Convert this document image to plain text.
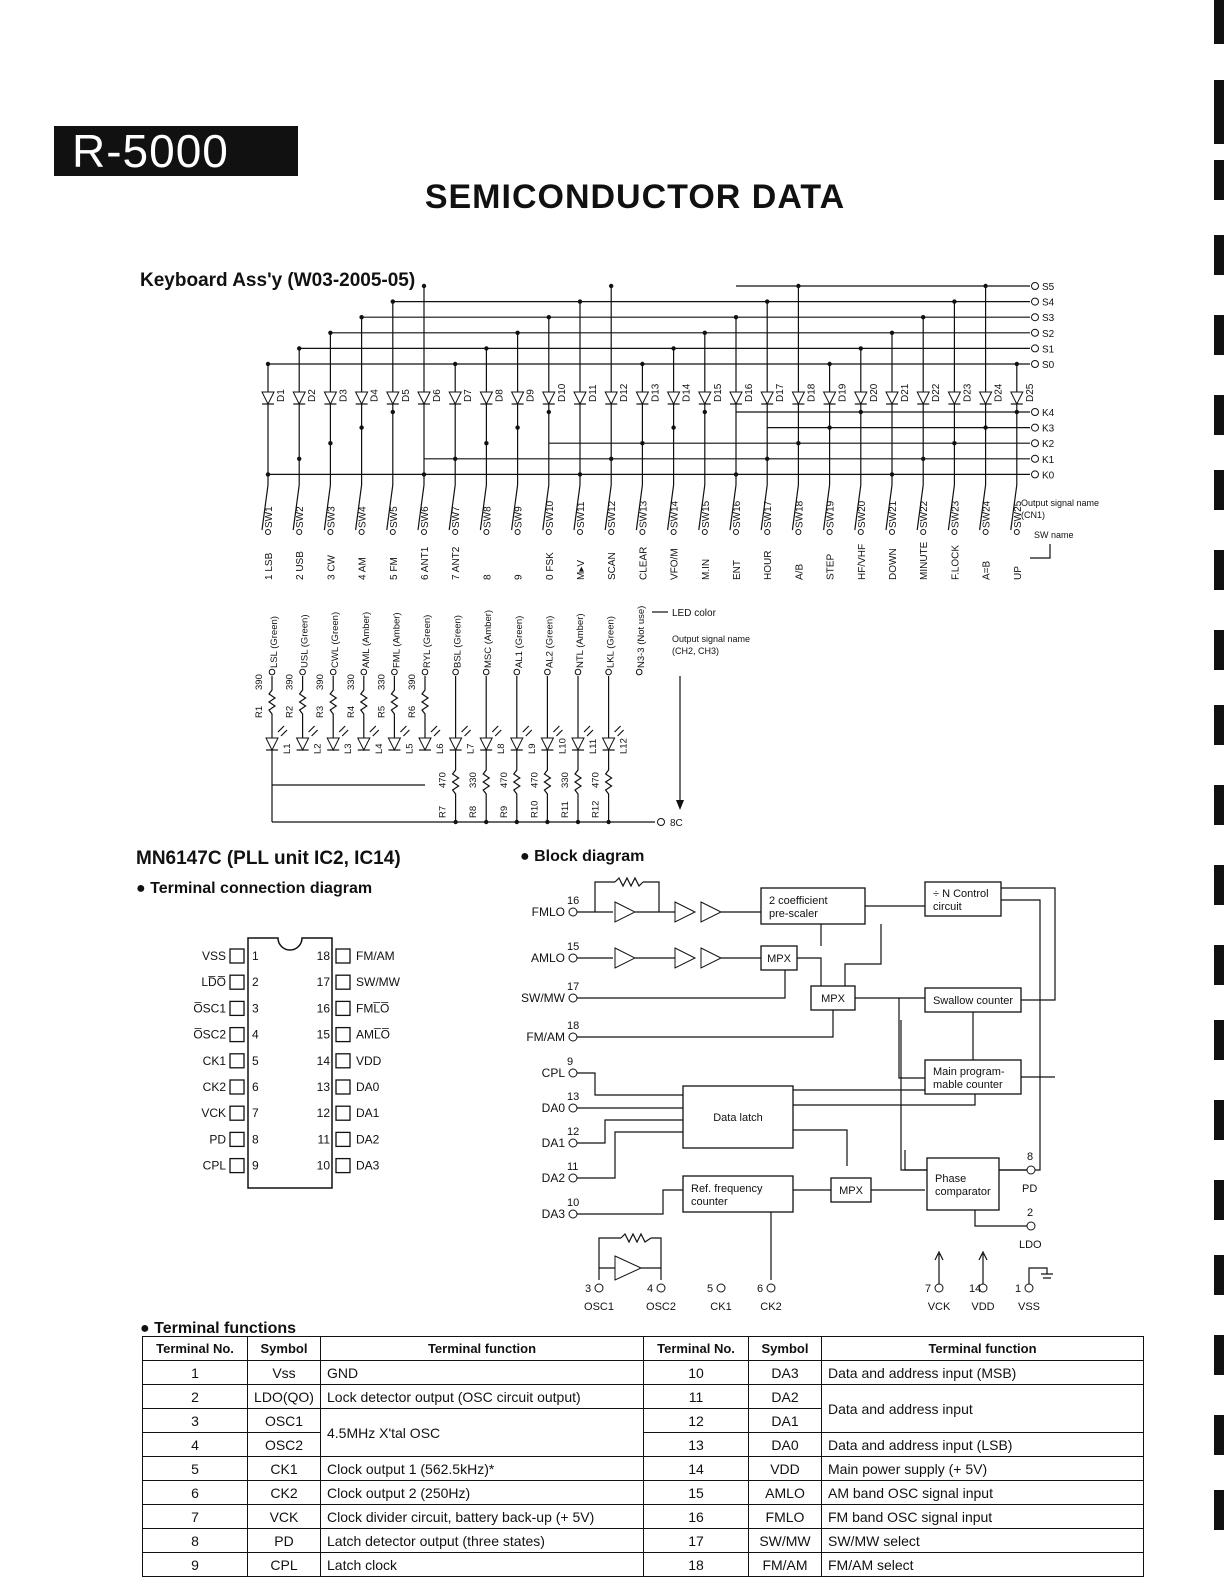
R-5000
SEMICONDUCTOR DATA
Keyboard Ass'y (W03-2005-05)	S5
S4
S3
S2
S1
S0
K4
K3
K2
K1
K0
D1
SW1
1 LSB
D2
SW2
2 USB
D3
SW3
3 CW
D4
SW4
4 AM
D5
SW5
5 FM
D6
SW6
6 ANT1
D7
SW7
7 ANT2
D8
SW8
8
D9
SW9
9
D10
SW10
0 FSK
D11
SW11
M▸V
D12
SW12
SCAN
D13
SW13
CLEAR
D14
SW14
VFO/M
D15
SW15
M.IN
D16
SW16
ENT
D17
SW17
HOUR
D18
SW18
A/B
D19
SW19
STEP
D20
SW20
HF/VHF
D21
SW21
DOWN
D22
SW22
MINUTE
D23
SW23
F.LOCK
D24
SW24
A=B
D25
SW25
UP
Output signal name
(CN1)
SW name
LSL (Green) USL (Green) CWL (Green) AML (Amber) FML (Amber) RYL (Green) BSL (Green) MSC (Amber) AL1 (Green) AL2 (Green) NTL (Amber) LKL (Green) N3-3 (Not use) LED color
Output signal name
(CH2, CH3)
R1
390
R2
390
R3
390
R4
330
R5
330
R6
390
L1 L2 L3 L4 L5 L6 L7 L8 L9 L10 L11 L12
R7
470
R8
330
R9
470
R10
470
R11
330
R12
470
8C
MN6147C (PLL unit IC2, IC14)
● Terminal connection diagram
● Block diagram
VSS 1
LD̅O̅ 2
O̅SC1 3
O̅SC2 4
CK1 5
CK2 6
VCK 7
PD 8
CPL 9
18 FM/AM
17 SW/MW
16 FML̅O̅
15 AML̅O̅
14 VDD
13 DA0
12 DA1
11 DA2
10 DA3
16
FMLO
15
AMLO
17
SW/MW
18
FM/AM
9
CPL
13
DA0
12
DA1
11
DA2
10
DA3
2 coefficient
pre-scaler
MPX
MPX	Swallow counter
Main program-
mable counter
÷ N Control
circuit
Data latch
Ref. frequency
counter
MPX
Phase
comparator
8
PD
2
LDO
3
OSC1
4
OSC2
5
CK1
6
CK2
7
VCK
14
VDD
1
VSS
● Terminal functions
Terminal No.	Symbol	Terminal function	Terminal No.	Symbol	Terminal function
1	Vss	GND	10	DA3	Data and address input (MSB)
2	LDO(QO)	Lock detector output (OSC circuit output)	11	DA2	Data and address input
3	OSC1	4.5MHz X'tal OSC	12	DA1	
4	OSC2		13	DA0	Data and address input (LSB)
5	CK1	Clock output 1 (562.5kHz)*	14	VDD	Main power supply (+ 5V)
6	CK2	Clock output 2 (250Hz)	15	AMLO	AM band OSC signal input
7	VCK	Clock divider circuit, battery back-up (+ 5V)	16	FMLO	FM band OSC signal input
8	PD	Latch detector output (three states)	17	SW/MW	SW/MW select
9	CPL	Latch clock	18	FM/AM	FM/AM select
